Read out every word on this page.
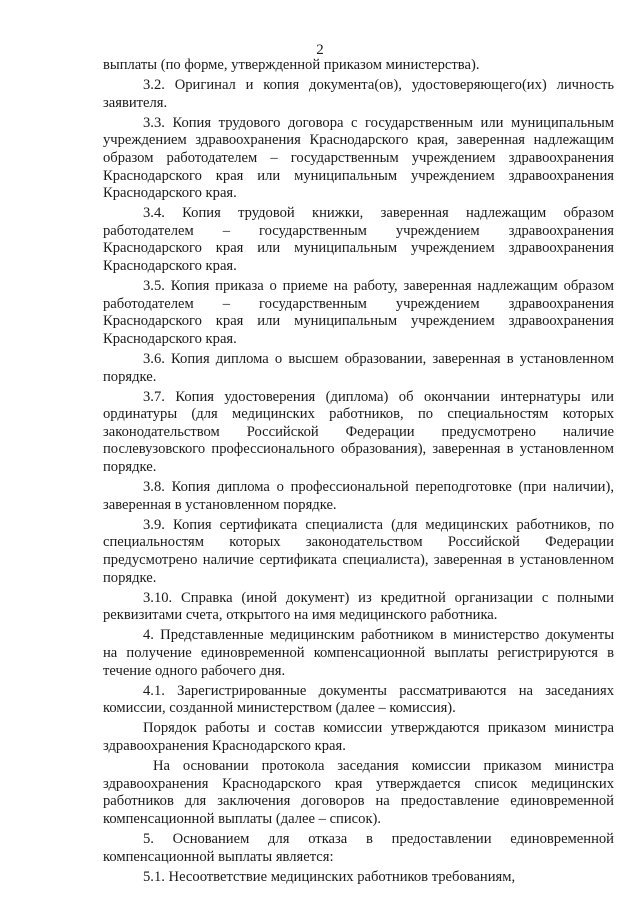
2

выплаты (по форме, утвержденной приказом министерства).

3.2. Оригинал и копия документа(ов), удостоверяющего(их) личность заявителя.

3.3. Копия трудового договора с государственным или муниципальным учреждением здравоохранения Краснодарского края, заверенная надлежащим образом работодателем – государственным учреждением здравоохранения Краснодарского края или муниципальным учреждением здравоохранения Краснодарского края.

3.4. Копия трудовой книжки, заверенная надлежащим образом работодателем – государственным учреждением здравоохранения Краснодарского края или муниципальным учреждением здравоохранения Краснодарского края.

3.5. Копия приказа о приеме на работу, заверенная надлежащим образом работодателем – государственным учреждением здравоохранения Краснодарского края или муниципальным учреждением здравоохранения Краснодарского края.

3.6. Копия диплома о высшем образовании, заверенная в установленном порядке.

3.7. Копия удостоверения (диплома) об окончании интернатуры или ординатуры (для медицинских работников, по специальностям которых законодательством Российской Федерации предусмотрено наличие послевузовского профессионального образования), заверенная в установленном порядке.

3.8. Копия диплома о профессиональной переподготовке (при наличии), заверенная в установленном порядке.

3.9. Копия сертификата специалиста (для медицинских работников, по специальностям которых законодательством Российской Федерации предусмотрено наличие сертификата специалиста), заверенная в установленном порядке.

3.10. Справка (иной документ) из кредитной организации с полными реквизитами счета, открытого на имя медицинского работника.

4. Представленные медицинским работником в министерство документы на получение единовременной компенсационной выплаты регистрируются в течение одного рабочего дня.

4.1. Зарегистрированные документы рассматриваются на заседаниях комиссии, созданной министерством (далее – комиссия).

Порядок работы и состав комиссии утверждаются приказом министра здравоохранения Краснодарского края.

На основании протокола заседания комиссии приказом министра здравоохранения Краснодарского края утверждается список медицинских работников для заключения договоров на предоставление единовременной компенсационной выплаты (далее – список).

5. Основанием для отказа в предоставлении единовременной компенсационной выплаты является:

5.1. Несоответствие медицинских работников требованиям,
